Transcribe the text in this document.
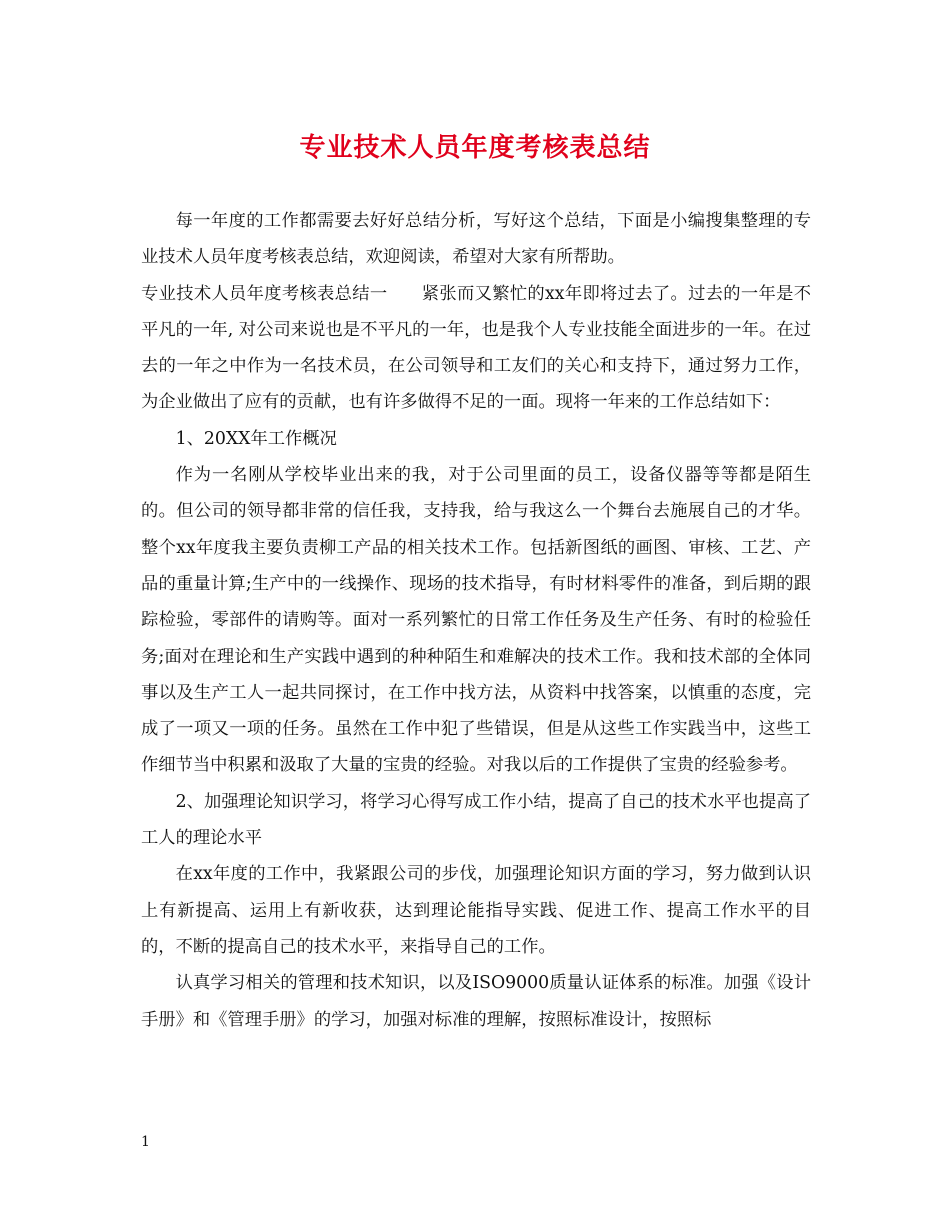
专业技术人员年度考核表总结

每一年度的工作都需要去好好总结分析，写好这个总结，下面是小编搜集整理的专业技术人员年度考核表总结，欢迎阅读，希望对大家有所帮助。

专业技术人员年度考核表总结一 紧张而又繁忙的xx年即将过去了。过去的一年是不平凡的一年, 对公司来说也是不平凡的一年，也是我个人专业技能全面进步的一年。在过去的一年之中作为一名技术员，在公司领导和工友们的关心和支持下，通过努力工作，为企业做出了应有的贡献，也有许多做得不足的一面。现将一年来的工作总结如下：

1、20XX年工作概况

作为一名刚从学校毕业出来的我，对于公司里面的员工，设备仪器等等都是陌生的。但公司的领导都非常的信任我，支持我，给与我这么一个舞台去施展自己的才华。整个xx年度我主要负责柳工产品的相关技术工作。包括新图纸的画图、审核、工艺、产品的重量计算;生产中的一线操作、现场的技术指导，有时材料零件的准备，到后期的跟踪检验，零部件的请购等。面对一系列繁忙的日常工作任务及生产任务、有时的检验任务;面对在理论和生产实践中遇到的种种陌生和难解决的技术工作。我和技术部的全体同事以及生产工人一起共同探讨，在工作中找方法，从资料中找答案，以慎重的态度，完成了一项又一项的任务。虽然在工作中犯了些错误，但是从这些工作实践当中，这些工作细节当中积累和汲取了大量的宝贵的经验。对我以后的工作提供了宝贵的经验参考。

2、加强理论知识学习，将学习心得写成工作小结，提高了自己的技术水平也提高了工人的理论水平

在xx年度的工作中，我紧跟公司的步伐，加强理论知识方面的学习，努力做到认识上有新提高、运用上有新收获，达到理论能指导实践、促进工作、提高工作水平的目的，不断的提高自己的技术水平，来指导自己的工作。

认真学习相关的管理和技术知识，以及ISO9000质量认证体系的标准。加强《设计手册》和《管理手册》的学习，加强对标准的理解，按照标准设计，按照标

1
